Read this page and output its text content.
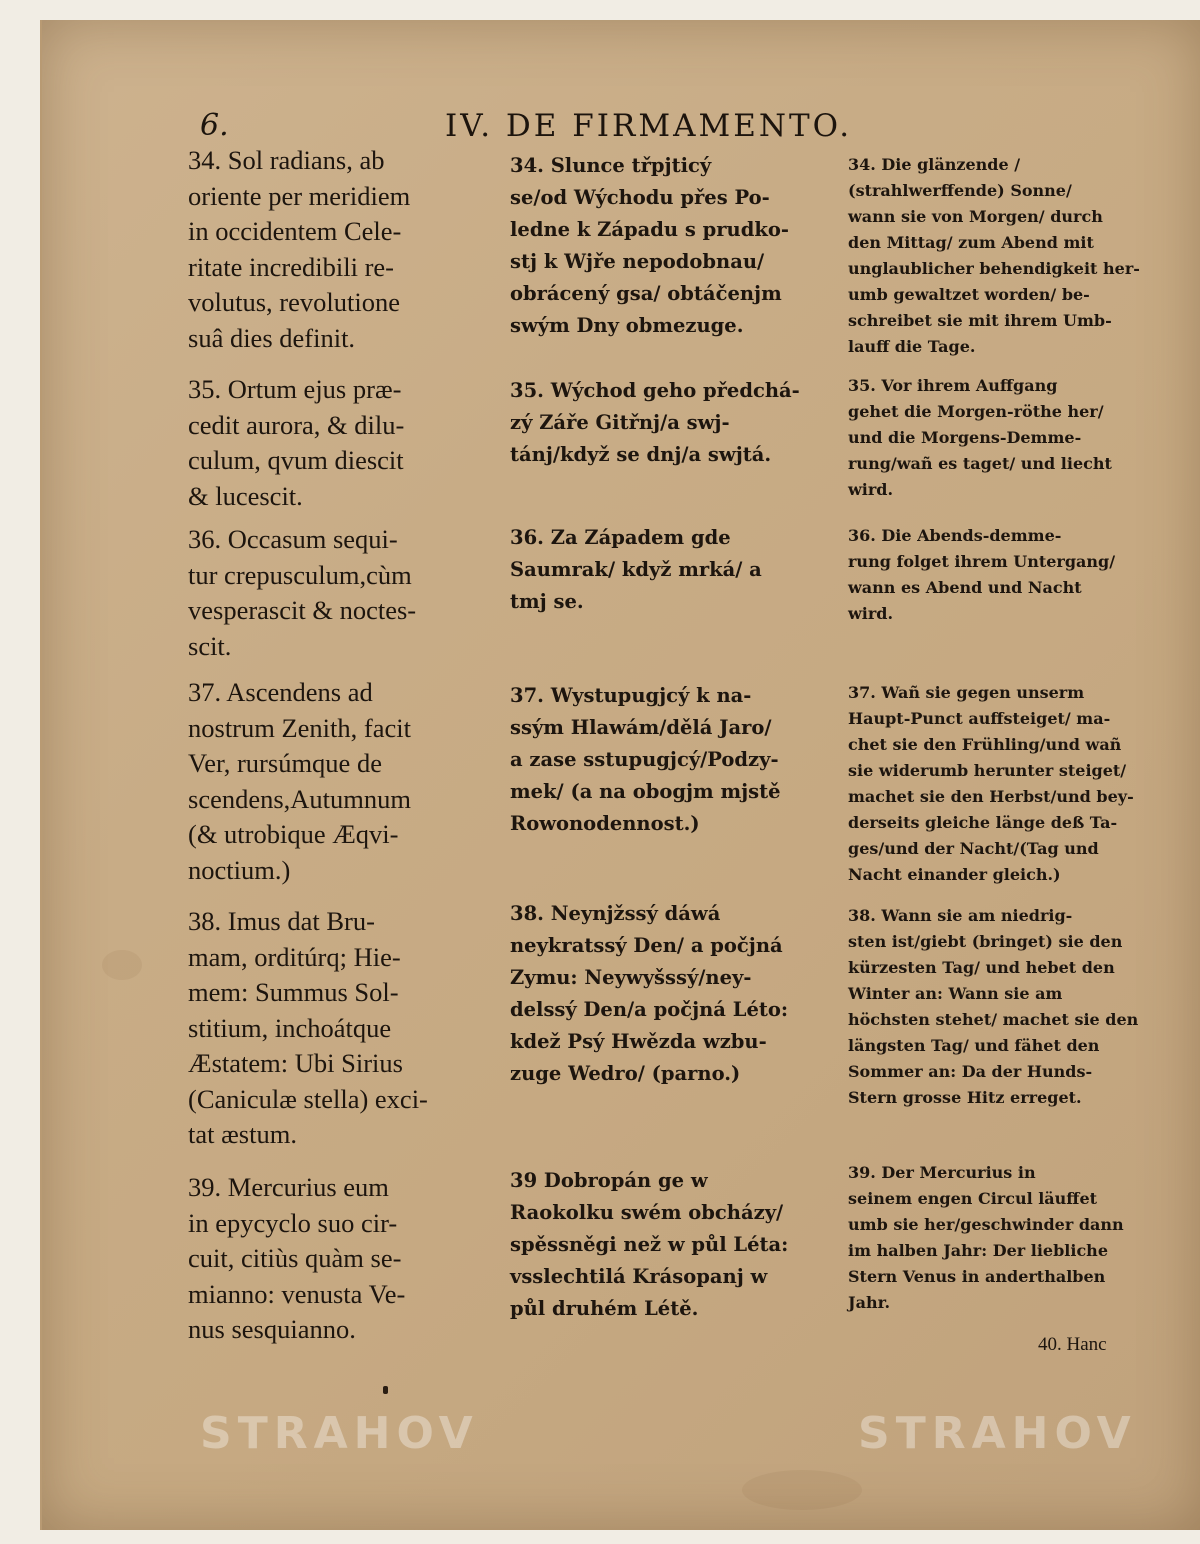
6.	IV. DE FIRMAMENTO.

34. Sol radians, ab
oriente per meridiem
in occidentem Cele-
ritate incredibili re-
volutus, revolutione
suâ dies definit.

35. Ortum ejus præ-
cedit aurora, & dilu-
culum, qvum diescit
& lucescit.

36. Occasum sequi-
tur crepusculum,cùm
vesperascit & noctes-
scit.

37. Ascendens ad
nostrum Zenith, facit
Ver, rursúmque de
scendens,Autumnum
(& utrobique Æqvi-
noctium.)

38. Imus dat Bru-
mam, orditúrq; Hie-
mem: Summus Sol-
stitium, inchoátque
Æstatem: Ubi Sirius
(Caniculæ stella) exci-
tat æstum.

39. Mercurius eum
in epycyclo suo cir-
cuit, citiùs quàm se-
mianno: venusta Ve-
nus sesquianno.

34. Slunce třpjticý
se/od Wýchodu přes Po-
ledne k Západu s prudko-
stj k Wjře nepodobnau/
obrácený gsa/ obtáčenjm
swým Dny obmezuge.

35. Wýchod geho předchá-
zý Záře Gitřnj/a swj-
tánj/když se dnj/a swjtá.

36. Za Západem gde
Saumrak/ když mrká/ a
tmj se.

37. Wystupugjcý k na-
ssým Hlawám/dělá Jaro/
a zase sstupugjcý/Podzy-
mek/ (a na obogjm mjstě
Rowonodennost.)

38. Neynjžssý dáwá
neykratssý Den/ a počjná
Zymu: Neywyšssý/ney-
delssý Den/a počjná Léto:
kdež Psý Hwězda wzbu-
zuge Wedro/ (parno.)

39 Dobropán ge w
Raokolku swém obcházy/
spěssněgi než w půl Léta:
vsslechtilá Krásopanj w
půl druhém Létě.

34. Die glänzende /
(strahlwerffende) Sonne/
wann sie von Morgen/ durch
den Mittag/ zum Abend mit
unglaublicher behendigkeit her-
umb gewaltzet worden/ be-
schreibet sie mit ihrem Umb-
lauff die Tage.

35. Vor ihrem Auffgang
gehet die Morgen-röthe her/
und die Morgens-Demme-
rung/wañ es taget/ und liecht
wird.

36. Die Abends-demme-
rung folget ihrem Untergang/
wann es Abend und Nacht
wird.

37. Wañ sie gegen unserm
Haupt-Punct auffsteiget/ ma-
chet sie den Frühling/und wañ
sie widerumb herunter steiget/
machet sie den Herbst/und bey-
derseits gleiche länge deß Ta-
ges/und der Nacht/(Tag und
Nacht einander gleich.)

38. Wann sie am niedrig-
sten ist/giebt (bringet) sie den
kürzesten Tag/ und hebet den
Winter an: Wann sie am
höchsten stehet/ machet sie den
längsten Tag/ und fähet den
Sommer an: Da der Hunds-
Stern grosse Hitz erreget.

39. Der Mercurius in
seinem engen Circul läuffet
umb sie her/geschwinder dann
im halben Jahr: Der liebliche
Stern Venus in anderthalben
Jahr.

40. Hanc
STRAHOV	STRAHOV
